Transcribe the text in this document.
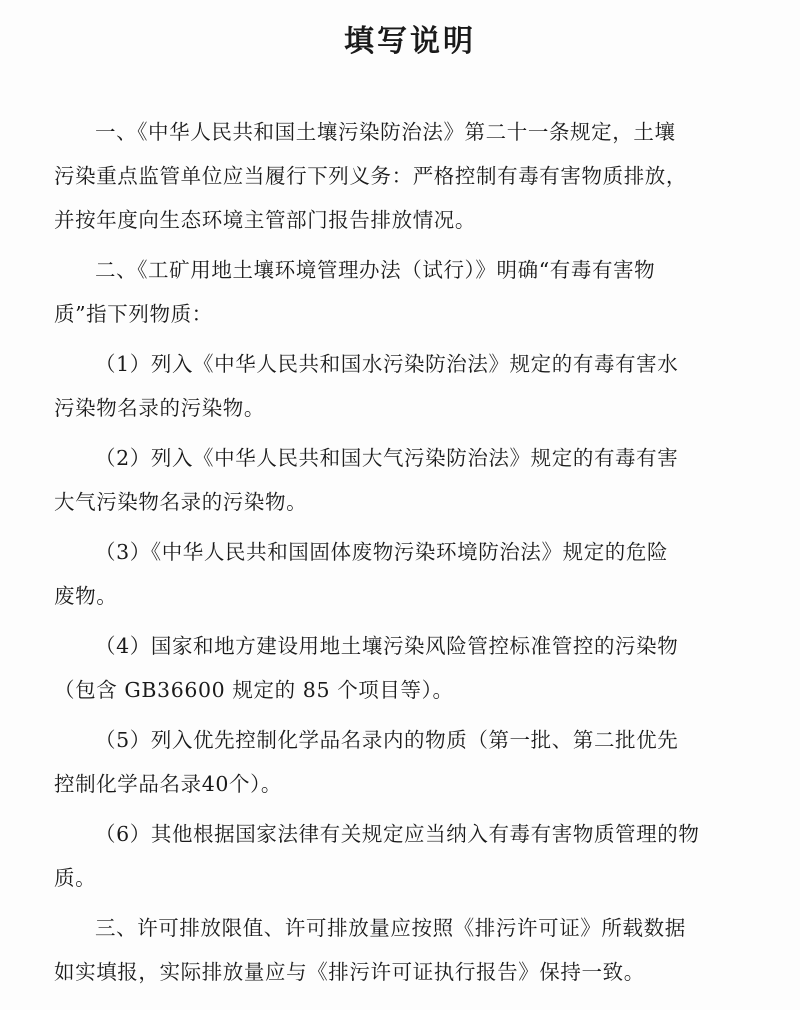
填写说明
一、《中华人民共和国土壤污染防治法》第二十一条规定，土壤
污染重点监管单位应当履行下列义务：严格控制有毒有害物质排放，
并按年度向生态环境主管部门报告排放情况。
二、《工矿用地土壤环境管理办法（试行）》明确“有毒有害物
质”指下列物质：
（1）列入《中华人民共和国水污染防治法》规定的有毒有害水
污染物名录的污染物。
（2）列入《中华人民共和国大气污染防治法》规定的有毒有害
大气污染物名录的污染物。
（3）《中华人民共和国固体废物污染环境防治法》规定的危险
废物。
（4）国家和地方建设用地土壤污染风险管控标准管控的污染物
（包含 GB36600 规定的 85 个项目等）。
（5）列入优先控制化学品名录内的物质（第一批、第二批优先
控制化学品名录40个）。
（6）其他根据国家法律有关规定应当纳入有毒有害物质管理的物
质。
三、许可排放限值、许可排放量应按照《排污许可证》所载数据
如实填报，实际排放量应与《排污许可证执行报告》保持一致。
